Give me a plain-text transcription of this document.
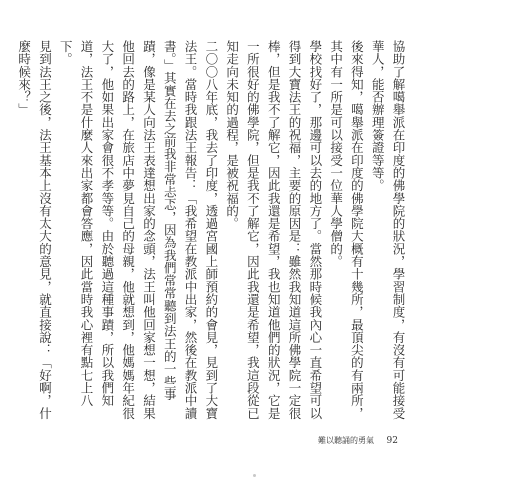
協助了解噶舉派在印度的佛學院的狀況，學習制度，有沒有可能接受華人，能否辦理簽證等等。

後來得知，噶舉派在印度的佛學院大概有十幾所，最頂尖的有兩所，其中有一所是可以接受一位華人學僧的。

學校找好了，那邊可以去的地方了。當然那時候我內心一直希望可以得到大寶法王的祝福，主要的原因是：雖然我知道這所佛學院一定很棒，但是我不了解它，因此我還是希望，我也知道他們的狀況，它是一所很好的佛學院，但是我不了解它，因此我還是希望，我這段從已知走向未知的過程，是被祝福的。

二〇〇八年底，我去了印度，透過宮國上師預約的會見，見到了大寶法王。當時我跟法王報告：「我希望在教派中出家，然後在教派中讀書。」其實在去之前我非常忐忑，因為我們常常聽到法王的一些事蹟，像是某人向法王表達想出家的念頭，法王叫他回家想一想，結果他回去的路上，在旅店中夢見自己的母親，他就想到，他媽媽年紀很大了，他如果出家會很不孝等等。由於聽過這種事蹟，所以我們知道，法王不是什麼人來出家都會答應，因此當時我心裡有點七上八下。

見到法王之後，法王基本上沒有太大的意見，就直接說：「好啊，什麼時候來？」

難以聽誦的勇氣 92
